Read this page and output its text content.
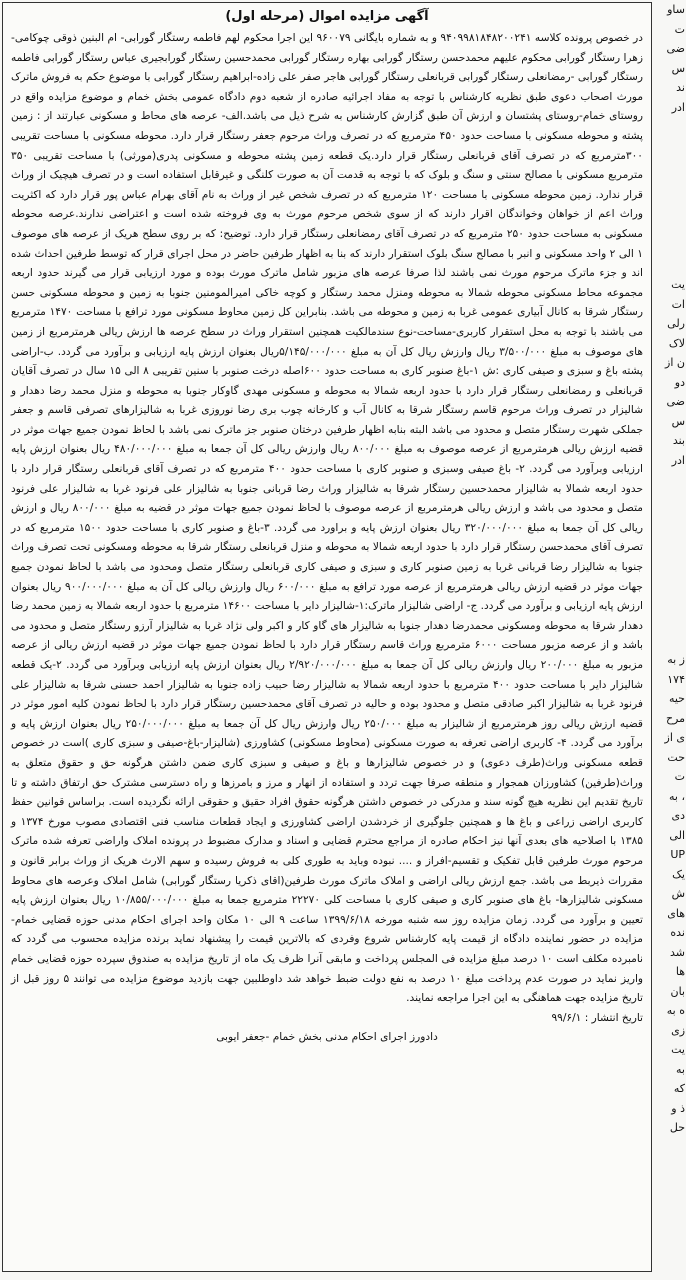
آگهی مزایده اموال (مرحله اول)
در خصوص پرونده کلاسه ۹۴۰۹۹۸۱۸۴۸۲۰۰۲۴۱ و به شماره بایگانی ۹۶۰۰۷۹ این اجرا محکوم لهم فاطمه رستگار گورابی- ام البنین ذوقی چوکامی-زهرا رستگار گورابی محکوم علیهم محمدحسن رستگار گورابی بهاره رستگار گورابی محمدحسین رستگار گورابجیری عباس رستگار گورابی فاطمه رستگار گورابی -رمضانعلی رستگار گورابی قربانعلی رستگار گورابی هاجر صفر علی زاده-ابراهیم رستگار گورابی با موضوع حکم به فروش ماترک مورث اصحاب دعوی طبق نظریه کارشناس با توجه به مفاد اجرائیه صادره از شعبه دوم دادگاه عمومی بخش خمام و موضوع مزایده واقع در روستای خمام-روستای پشتسان و ارزش آن طبق گزارش کارشناس به شرح ذیل می باشد.الف- عرصه های محاط و مسکونی عبارتند از : زمین پشته و محوطه مسکونی با مساحت حدود ۴۵۰ مترمربع که در تصرف وراث مرحوم جعفر رستگار قرار دارد. محوطه مسکونی با مساحت تقریبی ۳۰۰مترمربع که در تصرف آقای قربانعلی رستگار قرار دارد.یک قطعه زمین پشته محوطه و مسکونی پدری(مورثی) با مساحت تقریبی ۳۵۰ مترمربع مسکونی با مصالح سنتی و سنگ و بلوک که با توجه به قدمت آن به صورت کلنگی و غیرقابل استفاده است و در تصرف هیچیک از وراث قرار ندارد. زمین محوطه مسکونی با مساحت ۱۲۰ مترمربع که در تصرف شخص غیر از وراث به نام آقای بهرام عباس پور قرار دارد که اکثریت وراث اعم از خواهان وخواندگان اقرار دارند که از سوی شخص مرحوم مورث به وی فروخته شده است و اعتراضی ندارند.عرصه محوطه مسکونی به مساحت حدود ۲۵۰ مترمربع که در تصرف آقای رمضانعلی رستگار قرار دارد. توضیح: که بر روی سطح هریک از عرصه های موصوف ۱ الی ۲ واحد مسکونی و انبر با مصالح سنگ بلوک استقرار دارند که بنا به اظهار طرفین حاضر در محل اجرای قرار که توسط طرفین احداث شده اند و جزء ماترک مرحوم مورث نمی باشند لذا صرفا عرصه های مزبور شامل ماترک مورث بوده و مورد ارزیابی قرار می گیرند حدود اربعه مجموعه محاط مسکونی محوطه شمالا به محوطه ومنزل محمد رستگار و کوچه خاکی امیرالمومنین جنوبا به زمین و محوطه مسکونی حسن رستگار شرقا به کانال آبیاری عمومی غربا به زمین و محوطه می باشد. بنابراین کل زمین محاوط مسکونی مورد ترافع با مساحت ۱۴۷۰ مترمربع می باشند با توجه به محل استقرار کاربری-مساحت-نوع سندمالکیت همچنین استقرار وراث در سطح عرصه ها ارزش ریالی هرمترمربع از زمین های موصوف به مبلغ ۳/۵۰۰/۰۰۰ ریال وارزش ریال کل آن به مبلغ ۵/۱۴۵/۰۰۰/۰۰۰ریال بعنوان ارزش پایه ارزیابی و برآورد می گردد. ب-اراضی پشته باغ و سبزی و صیفی کاری :ش ۱-باغ صنوبر کاری به مساحت حدود ۶۰۰اصله درخت صنوبر با سنین تقریبی ۸ الی ۱۵ سال در تصرف آقایان قربانعلی و رمضانعلی رستگار قرار دارد با حدود اربعه شمالا به محوطه و مسکونی مهدی گاوکار جنوبا به محوطه و منزل محمد رضا دهدار و شالیزار در تصرف وراث مرحوم قاسم رستگار شرقا به کانال آب و کارخانه چوب بری رضا نوروزی غربا به شالیزارهای تصرفی قاسم و جعفر جملکی شهرت رستگار متصل و محدود می باشد البته بنابه اظهار طرفین درختان صنوبر جز ماترک نمی باشد با لحاظ نمودن جمیع جهات موثر در قضیه ارزش ریالی هرمترمربع از عرصه موصوف به مبلغ ۸۰۰/۰۰۰ ریال وارزش ریالی کل آن جمعا به مبلغ ۴۸۰/۰۰۰/۰۰۰ ریال بعنوان ارزش پایه ارزیابی وبرآورد می گردد. ۲- باغ صیفی وسبزی و صنوبر کاری با مساحت حدود ۴۰۰ مترمربع که در تصرف آقای قربانعلی رستگار قرار دارد با حدود اربعه شمالا به شالیزار محمدحسین رستگار شرقا به شالیزار وراث رضا قربانی جنوبا به شالیزار علی فرنود غربا به شالیزار علی فرنود متصل و محدود می باشد و ارزش ریالی هرمترمربع از عرصه موصوف با لحاظ نمودن جمیع جهات موثر در قضیه به مبلغ ۸۰۰/۰۰۰ ریال و ارزش ریالی کل آن جمعا به مبلغ ۳۲۰/۰۰۰/۰۰۰ ریال بعنوان ارزش پایه و براورد می گردد. ۳-باغ و صنوبر کاری با مساحت حدود ۱۵۰۰ مترمربع که در تصرف آقای محمدحسن رستگار قرار دارد با حدود اربعه شمالا به محوطه و منزل قربانعلی رستگار شرقا به محوطه ومسکونی تحت تصرف وراث جنوبا به شالیزار رضا قربانی غربا به زمین صنوبر کاری و سبزی و صیفی کاری قربانعلی رستگار متصل ومحدود می باشد با لحاظ نمودن جمیع جهات موثر در قضیه ارزش ریالی هرمترمربع از عرصه مورد ترافع به مبلغ ۶۰۰/۰۰۰ ریال وارزش ریالی کل آن به مبلغ ۹۰۰/۰۰۰/۰۰۰ ریال بعنوان ارزش پایه ارزیابی و برآورد می گردد. ج- اراضی شالیزار ماترک:۱-شالیزار دایر با مساحت ۱۴۶۰۰ مترمربع با حدود اربعه شمالا به زمین محمد رضا دهدار شرقا به محوطه ومسکونی محمدرضا دهدار جنوبا به شالیزار های گاو کار و اکبر ولی نژاد غربا به شالیزار آرزو رستگار متصل و محدود می باشد و از عرصه مزبور مساحت ۶۰۰۰ مترمربع وراث قاسم رستگار قرار دارد با لحاظ نمودن جمیع جهات موثر در قضیه ارزش ریالی از عرصه مزبور به مبلغ ۲۰۰/۰۰۰ ریال وارزش ریالی کل آن جمعا به مبلغ ۲/۹۲۰/۰۰۰/۰۰۰ ریال بعنوان ارزش پایه ارزیابی وبرآورد می گردد. ۲-یک قطعه شالیزار دایر با مساحت حدود ۴۰۰ مترمربع با حدود اربعه شمالا به شالیزار رضا حبیب زاده جنوبا به شالیزار احمد حسنی شرقا به شالیزار علی فرنود غربا به شالیزار اکبر صادقی متصل و محدود بوده و حالیه در تصرف آقای محمدحسین رستگار قرار دارد با لحاظ نمودن کلیه امور موثر در قضیه ارزش ریالی روز هرمترمربع از شالیزار به مبلغ ۲۵۰/۰۰۰ ریال وارزش ریال کل آن جمعا به مبلغ ۲۵۰/۰۰۰/۰۰۰ ریال بعنوان ارزش پایه و برآورد می گردد. ۴- کاربری اراضی تعرفه به صورت مسکونی (محاوط مسکونی) کشاورزی (شالیزار-باغ-صیفی و سبزی کاری )است در خصوص قطعه مسکونی وراث(طرف دعوی) و در خصوص شالیزارها و باغ و صیفی و سبزی کاری ضمن داشتن هرگونه حق و حقوق متعلق به وراث(طرفین) کشاورزان همجوار و منطقه صرفا جهت تردد و استفاده از انهار و مرز و بامرزها و راه دسترسی مشترک حق ارتفاق داشته و تا تاریخ تقدیم این نظریه هیچ گونه سند و مدرکی در خصوص داشتن هرگونه حقوق افراد حقیق و حقوقی ارائه نگردیده است. براساس قوانین حفظ کاربری اراضی زراعی و باغ ها و همچنین جلوگیری از خردشدن اراضی کشاورزی و ایجاد قطعات مناسب فنی اقتصادی مصوب مورخ ۱۳۷۴ و ۱۳۸۵ با اصلاحیه های بعدی آنها نیز احکام صادره از مراجع محترم قضایی و اسناد و مدارک مضبوط در پرونده املاک واراضی تعرفه شده ماترک مرحوم مورث طرفین قابل تفکیک و تقسیم-افراز و .... نبوده وباید به طوری کلی به فروش رسیده و سهم الارث هریک از وراث برابر قانون و مقررات ذیربط می باشد. جمع ارزش ریالی اراضی و املاک ماترک مورث طرفین(اقای ذکریا رستگار گورابی) شامل املاک وعرصه های محاوط مسکونی شالیزارها- باغ های صنوبر کاری و صیفی کاری با مساحت کلی ۲۲۲۷۰ مترمربع جمعا به مبلغ ۱۰/۸۵۵/۰۰۰/۰۰۰ ریال بعنوان ارزش پایه تعیین و برآورد می گردد. زمان مزایده روز سه شنبه مورخه ۱۳۹۹/۶/۱۸ ساعت ۹ الی ۱۰ مکان واحد اجرای احکام مدنی حوزه قضایی خمام- مزایده در حضور نماینده دادگاه از قیمت پایه کارشناس شروع وفردی که بالاترین قیمت را پیشنهاد نماید برنده مزایده محسوب می گردد که نامبرده مکلف است ۱۰ درصد مبلغ مزایده فی المجلس پرداخت و مابقی آنرا ظرف یک ماه از تاریخ مزایده به صندوق سپرده حوزه قضایی خمام واریز نماید در صورت عدم پرداخت مبلغ ۱۰ درصد به نفع دولت ضبط خواهد شد داوطلبین جهت بازدید موضوع مزایده می توانند ۵ روز قبل از تاریخ مزایده جهت هماهنگی به این اجرا مراجعه نمایند.
تاریخ انتشار : ۹۹/۶/۱
دادورز اجرای احکام مدنی بخش خمام -جعفر ایوبی
ساو
ت
ضی
س
ند
ادر
یت
ات
رلی
لاک
ن از
دو
ضی
س
بند
ادر
ز به
۱۷۴
حیه
مرح
ی از
حت
ت
، به
دی
الی
UP
یک
ش
های
نده
شد
ها
بان
ه به
زی
یت
به
که
ذ و
حل
